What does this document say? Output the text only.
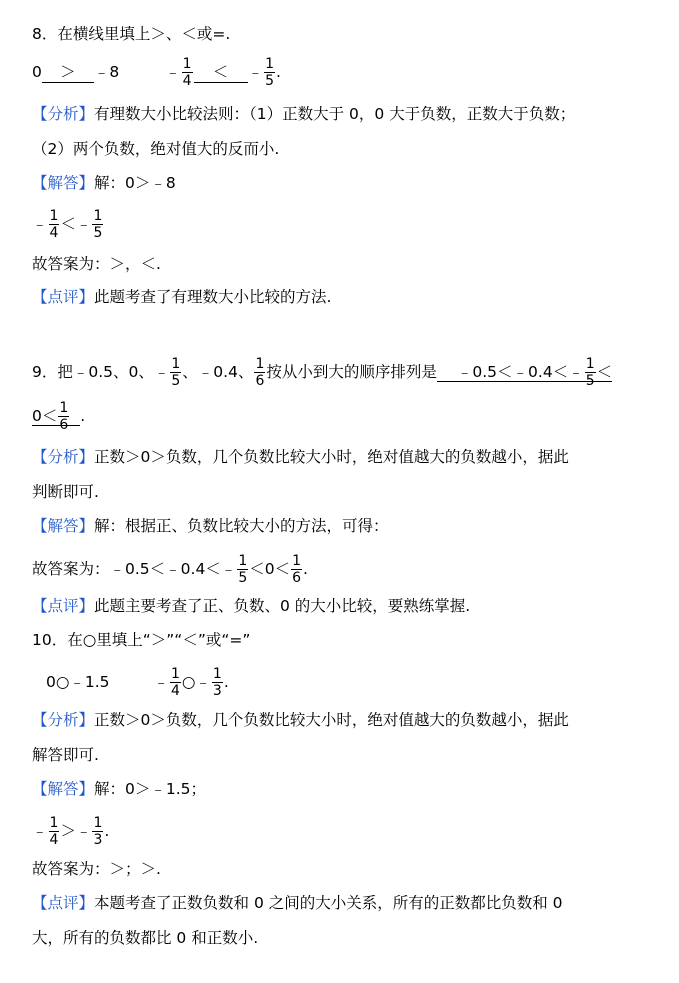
8．在横线里填上＞、＜或=.
0 ＞ ﹣8	﹣ $\frac{1}{4}$ ＜ ﹣ $\frac{1}{5}$ .
【分析】有理数大小比较法则：（1）正数大于 0，0 大于负数，正数大于负数；
（2）两个负数，绝对值大的反而小.
【解答】解：0＞﹣8
﹣ $\frac{1}{4}$ ＜﹣ $\frac{1}{5}$
故答案为：＞，＜.
【点评】此题考查了有理数大小比较的方法.
9．把﹣0.5、0、﹣ $\frac{1}{5}$ 、﹣0.4、 $\frac{1}{6}$ 按从小到大的顺序排列是 ﹣0.5＜﹣0.4＜﹣ $\frac{1}{5}$ ＜
$0< \frac{1}{6}$ .
【分析】正数＞0＞负数，几个负数比较大小时，绝对值越大的负数越小，据此
判断即可.
【解答】解：根据正、负数比较大小的方法，可得：
故答案为：﹣0.5＜﹣0.4＜﹣ $\frac{1}{5} <0< \frac{1}{6}$ .
【点评】此题主要考查了正、负数、0 的大小比较，要熟练掌握.
10．在○里填上“＞”“＜”或“=”
0○﹣1.5	﹣ $\frac{1}{4}$ ○﹣ $\frac{1}{3}$ .
【分析】正数＞0＞负数，几个负数比较大小时，绝对值越大的负数越小，据此
解答即可.
【解答】解：0＞﹣1.5；
﹣ $\frac{1}{4}$ ＞﹣ $\frac{1}{3}$ .
故答案为：＞；＞.
【点评】本题考查了正数负数和 0 之间的大小关系，所有的正数都比负数和 0
大，所有的负数都比 0 和正数小.
